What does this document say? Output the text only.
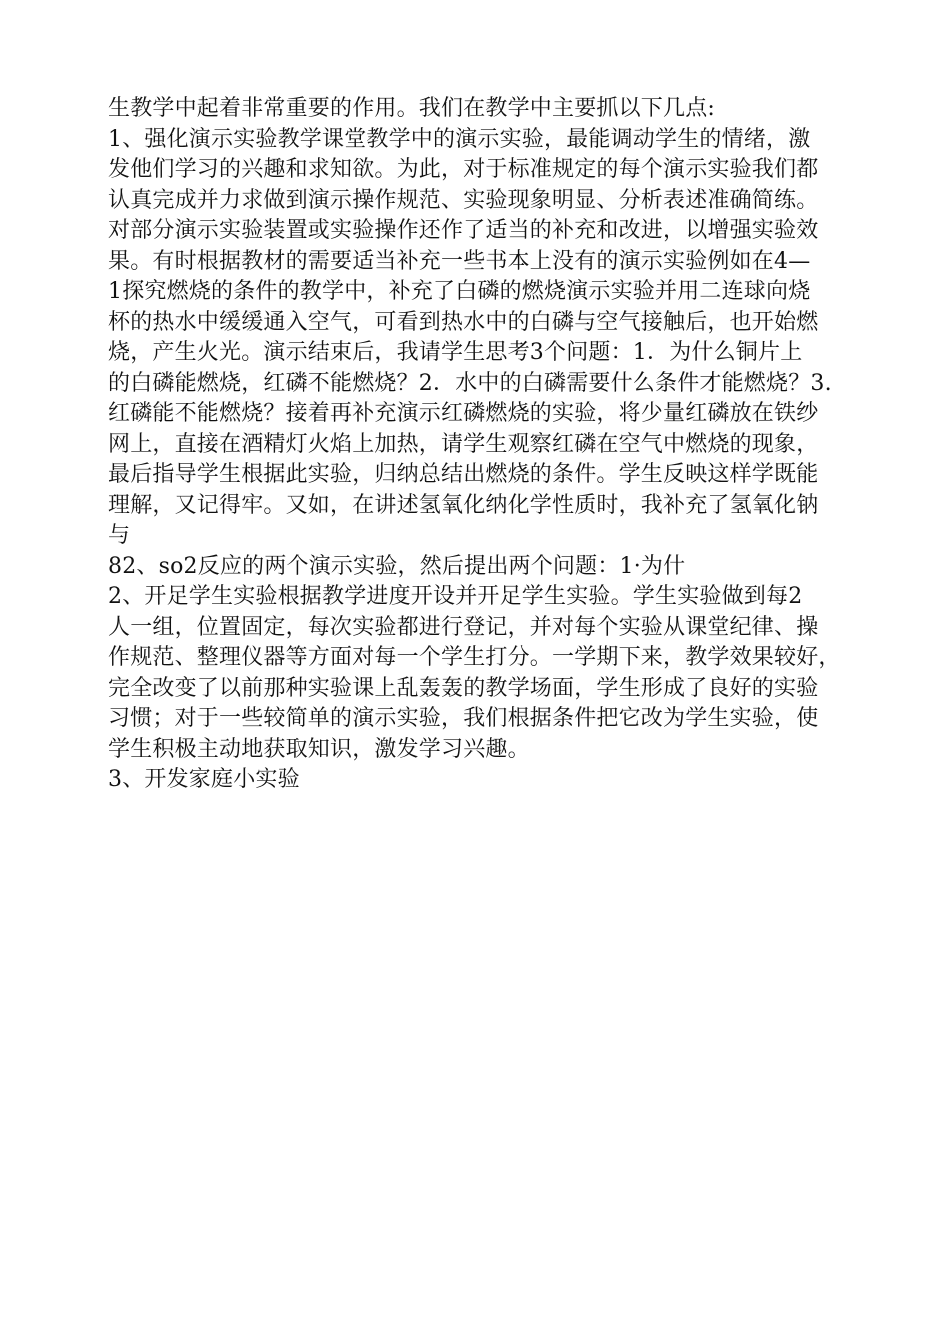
生教学中起着非常重要的作用。我们在教学中主要抓以下几点:
1、强化演示实验教学课堂教学中的演示实验，最能调动学生的情绪，激
发他们学习的兴趣和求知欲。为此，对于标准规定的每个演示实验我们都
认真完成并力求做到演示操作规范、实验现象明显、分析表述准确简练。
对部分演示实验装置或实验操作还作了适当的补充和改进，以增强实验效
果。有时根据教材的需要适当补充一些书本上没有的演示实验例如在4—
1探究燃烧的条件的教学中，补充了白磷的燃烧演示实验并用二连球向烧
杯的热水中缓缓通入空气，可看到热水中的白磷与空气接触后，也开始燃
烧，产生火光。演示结束后，我请学生思考3个问题：1．为什么铜片上
的白磷能燃烧，红磷不能燃烧？2．水中的白磷需要什么条件才能燃烧？3.
红磷能不能燃烧？接着再补充演示红磷燃烧的实验，将少量红磷放在铁纱
网上，直接在酒精灯火焰上加热，请学生观察红磷在空气中燃烧的现象，
最后指导学生根据此实验，归纳总结出燃烧的条件。学生反映这样学既能
理解，又记得牢。又如，在讲述氢氧化纳化学性质时，我补充了氢氧化钠
与
82、so2反应的两个演示实验，然后提出两个问题：1·为什
2、开足学生实验根据教学进度开设并开足学生实验。学生实验做到每2
人一组，位置固定，每次实验都进行登记，并对每个实验从课堂纪律、操
作规范、整理仪器等方面对每一个学生打分。一学期下来，教学效果较好，
完全改变了以前那种实验课上乱轰轰的教学场面，学生形成了良好的实验
习惯；对于一些较简单的演示实验，我们根据条件把它改为学生实验，使
学生积极主动地获取知识，激发学习兴趣。
3、开发家庭小实验
